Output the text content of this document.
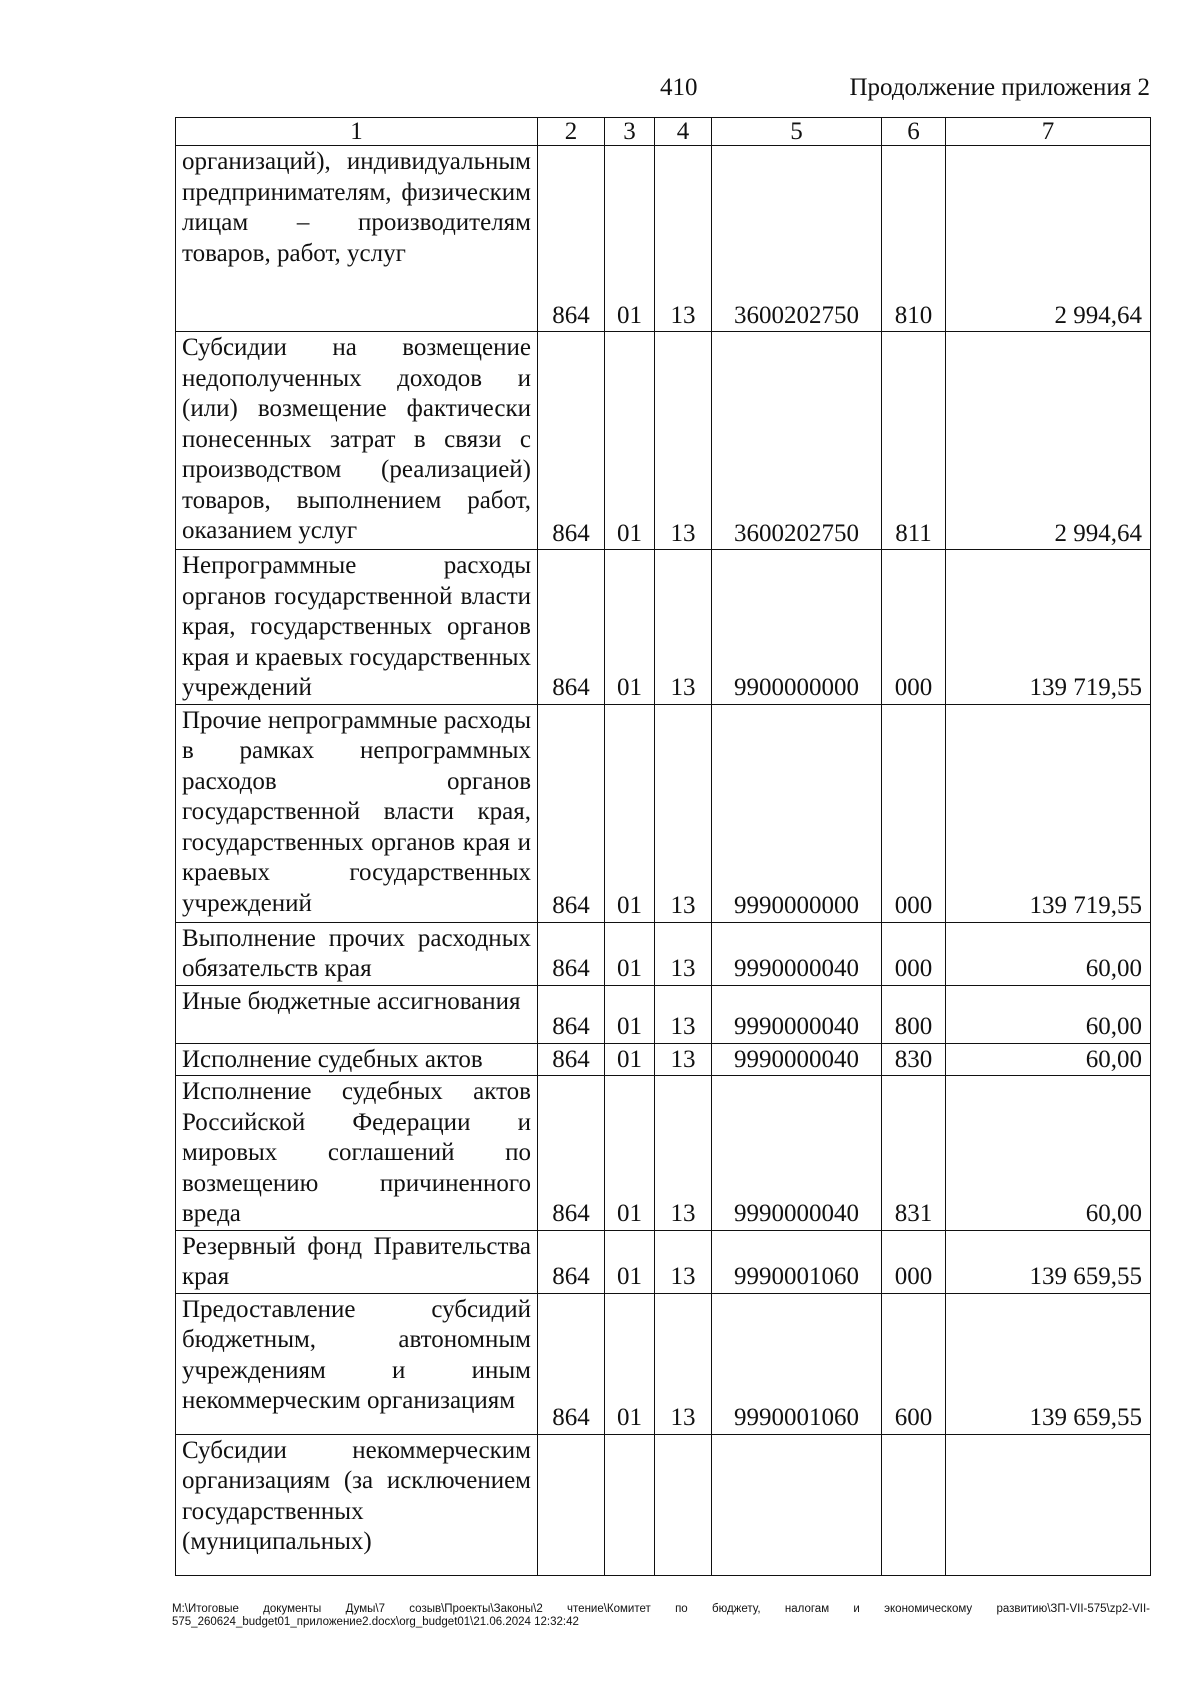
410	Продолжение приложения 2
1	2	3	4	5	6	7
организаций), индивидуальным предпринимателям, физическим лицам – производителям товаров, работ, услуг	864	01	13	3600202750	810	2 994,64
Субсидии на возмещение недополученных доходов и (или) возмещение фактически понесенных затрат в связи с производством (реализацией) товаров, выполнением работ, оказанием услуг	864	01	13	3600202750	811	2 994,64
Непрограммные расходы органов государственной власти края, государственных органов края и краевых государственных учреждений	864	01	13	9900000000	000	139 719,55
Прочие непрограммные расходы в рамках непрограммных расходов органов государственной власти края, государственных органов края и краевых государственных учреждений	864	01	13	9990000000	000	139 719,55
Выполнение прочих расходных обязательств края	864	01	13	9990000040	000	60,00
Иные бюджетные ассигнования	864	01	13	9990000040	800	60,00
Исполнение судебных актов	864	01	13	9990000040	830	60,00
Исполнение судебных актов Российской Федерации и мировых соглашений по возмещению причиненного вреда	864	01	13	9990000040	831	60,00
Резервный фонд Правительства края	864	01	13	9990001060	000	139 659,55
Предоставление субсидий бюджетным, автономным учреждениям и иным некоммерческим организациям	864	01	13	9990001060	600	139 659,55
Субсидии некоммерческим организациям (за исключением государственных (муниципальных)						
M:\Итоговые документы Думы\7 созыв\Проекты\Законы\2 чтение\Комитет по бюджету, налогам и экономическому развитию\ЗП-VII-575\zp2-VII-575_260624_budget01_приложение2.docx\org_budget01\21.06.2024 12:32:42
